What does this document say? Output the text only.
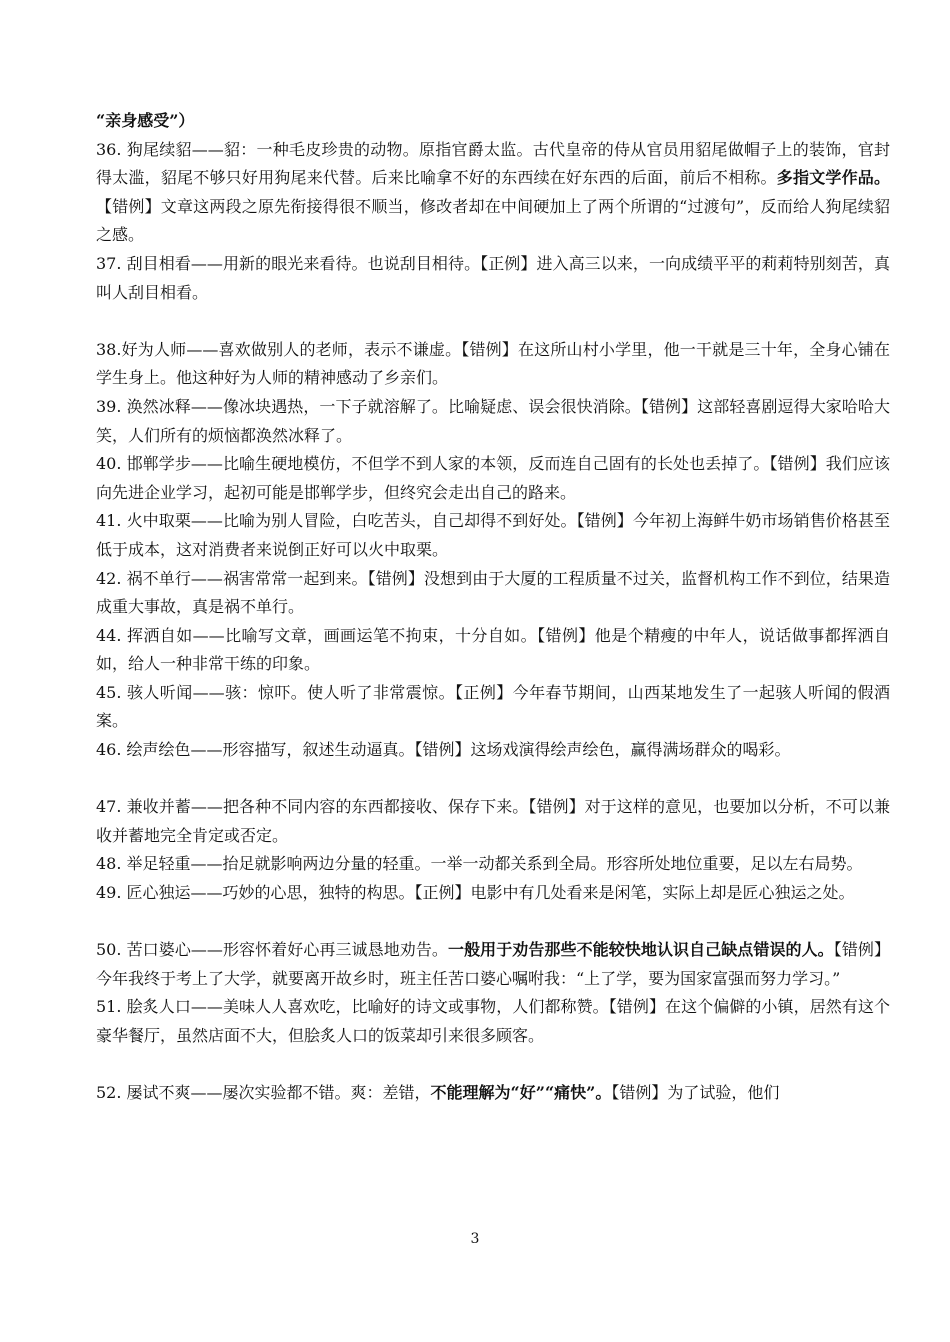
“亲身感受”）

36. 狗尾续貂——貂：一种毛皮珍贵的动物。原指官爵太监。古代皇帝的侍从官员用貂尾做帽子上的装饰，官封得太滥，貂尾不够只好用狗尾来代替。后来比喻拿不好的东西续在好东西的后面，前后不相称。多指文学作品。【错例】文章这两段之原先衔接得很不顺当，修改者却在中间硬加上了两个所谓的“过渡句”，反而给人狗尾续貂之感。

37. 刮目相看——用新的眼光来看待。也说刮目相待。【正例】进入高三以来，一向成绩平平的莉莉特别刻苦，真叫人刮目相看。

38.好为人师——喜欢做别人的老师，表示不谦虚。【错例】在这所山村小学里，他一干就是三十年，全身心铺在学生身上。他这种好为人师的精神感动了乡亲们。

39. 涣然冰释——像冰块遇热，一下子就溶解了。比喻疑虑、误会很快消除。【错例】这部轻喜剧逗得大家哈哈大笑，人们所有的烦恼都涣然冰释了。

40. 邯郸学步——比喻生硬地模仿，不但学不到人家的本领，反而连自己固有的长处也丢掉了。【错例】我们应该向先进企业学习，起初可能是邯郸学步，但终究会走出自己的路来。

41. 火中取栗——比喻为别人冒险，白吃苦头，自己却得不到好处。【错例】今年初上海鲜牛奶市场销售价格甚至低于成本，这对消费者来说倒正好可以火中取栗。

42. 祸不单行——祸害常常一起到来。【错例】没想到由于大厦的工程质量不过关，监督机构工作不到位，结果造成重大事故，真是祸不单行。

44. 挥洒自如——比喻写文章，画画运笔不拘束，十分自如。【错例】他是个精瘦的中年人，说话做事都挥洒自如，给人一种非常干练的印象。

45. 骇人听闻——骇：惊吓。使人听了非常震惊。【正例】今年春节期间，山西某地发生了一起骇人听闻的假酒案。

46. 绘声绘色——形容描写，叙述生动逼真。【错例】这场戏演得绘声绘色，赢得满场群众的喝彩。

47. 兼收并蓄——把各种不同内容的东西都接收、保存下来。【错例】对于这样的意见，也要加以分析，不可以兼收并蓄地完全肯定或否定。

48. 举足轻重——抬足就影响两边分量的轻重。一举一动都关系到全局。形容所处地位重要，足以左右局势。

49. 匠心独运——巧妙的心思，独特的构思。【正例】电影中有几处看来是闲笔，实际上却是匠心独运之处。

50. 苦口婆心——形容怀着好心再三诚恳地劝告。一般用于劝告那些不能较快地认识自己缺点错误的人。【错例】今年我终于考上了大学，就要离开故乡时，班主任苦口婆心嘱咐我：“上了学，要为国家富强而努力学习。”

51. 脍炙人口——美味人人喜欢吃，比喻好的诗文或事物，人们都称赞。【错例】在这个偏僻的小镇，居然有这个豪华餐厅，虽然店面不大，但脍炙人口的饭菜却引来很多顾客。

52. 屡试不爽——屡次实验都不错。爽：差错，不能理解为“好”“痛快”。【错例】为了试验，他们

3
